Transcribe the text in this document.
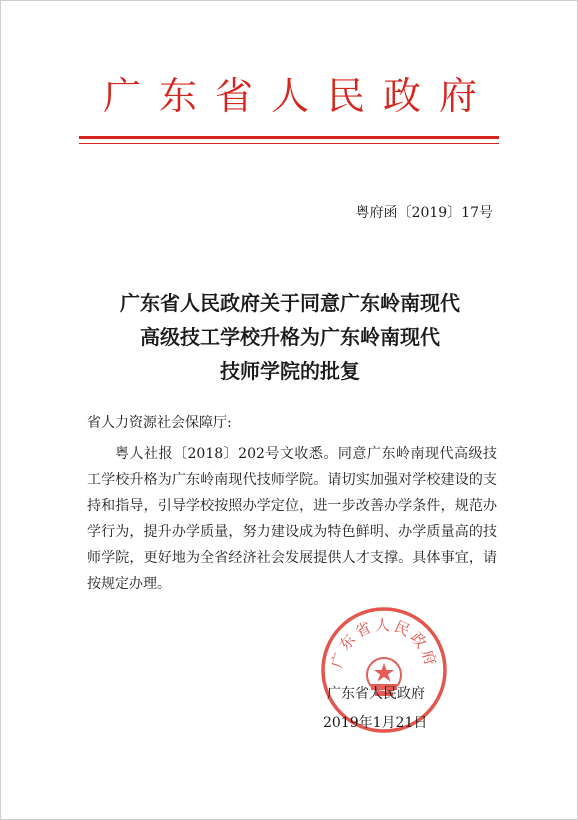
广东省人民政府
粤府函〔2019〕17号
广东省人民政府关于同意广东岭南现代
高级技工学校升格为广东岭南现代
技师学院的批复
省人力资源社会保障厅:

粤人社报〔2018〕202号文收悉。同意广东岭南现代高级技工学校升格为广东岭南现代技师学院。请切实加强对学校建设的支持和指导，引导学校按照办学定位，进一步改善办学条件，规范办学行为，提升办学质量，努力建设成为特色鲜明、办学质量高的技师学院，更好地为全省经济社会发展提供人才支撑。具体事宜，请按规定办理。

广东省人民政府
广东省人民政府
2019年1月21日
